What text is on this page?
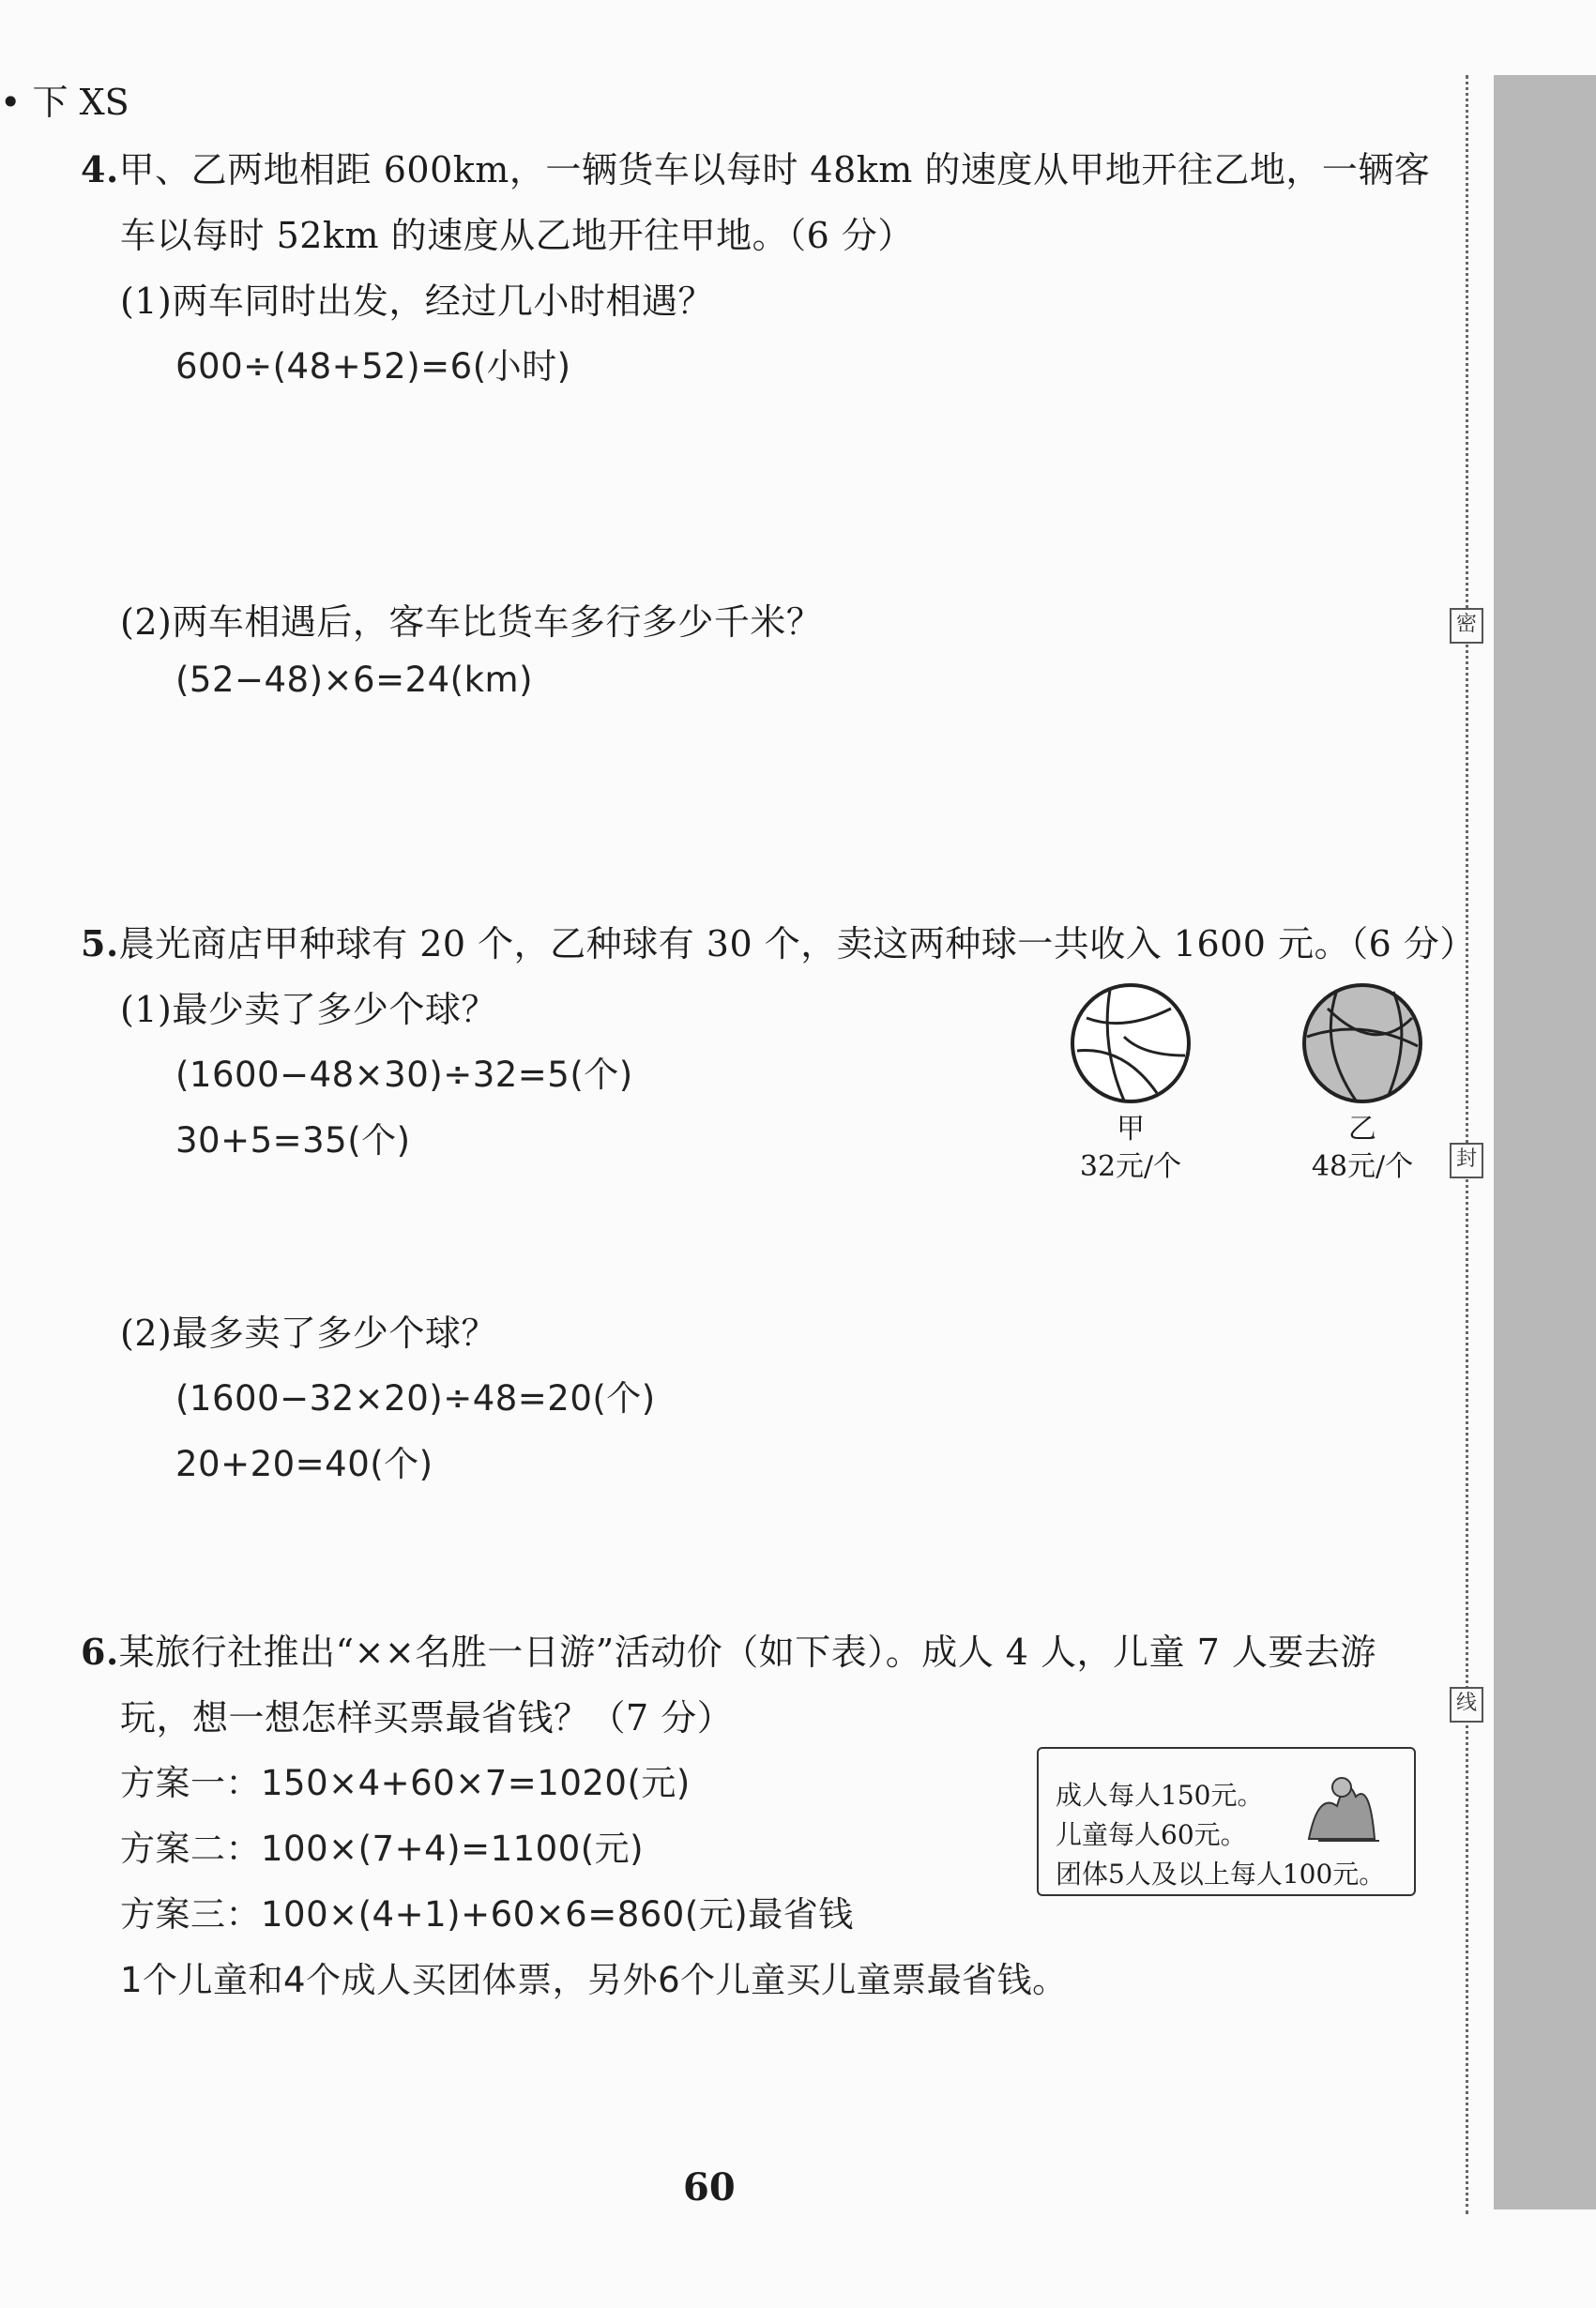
密
封
线
• 下 XS
4.甲、乙两地相距 600km，一辆货车以每时 48km 的速度从甲地开往乙地，一辆客
车以每时 52km 的速度从乙地开往甲地。（6 分）
(1)两车同时出发，经过几小时相遇？
600÷(48+52)=6(小时)
(2)两车相遇后，客车比货车多行多少千米？
(52−48)×6=24(km)
5.晨光商店甲种球有 20 个，乙种球有 30 个，卖这两种球一共收入 1600 元。（6 分）
(1)最少卖了多少个球？
(1600−48×30)÷32=5(个)
30+5=35(个)	甲
32元/个
乙
48元/个
(2)最多卖了多少个球？
(1600−32×20)÷48=20(个)
20+20=40(个)
6.某旅行社推出“××名胜一日游”活动价（如下表）。成人 4 人，儿童 7 人要去游
玩，想一想怎样买票最省钱？（7 分）
方案一：150×4+60×7=1020(元)
方案二：100×(7+4)=1100(元)
方案三：100×(4+1)+60×6=860(元)最省钱
1个儿童和4个成人买团体票，另外6个儿童买儿童票最省钱。
成人每人150元。
儿童每人60元。
团体5人及以上每人100元。
60
